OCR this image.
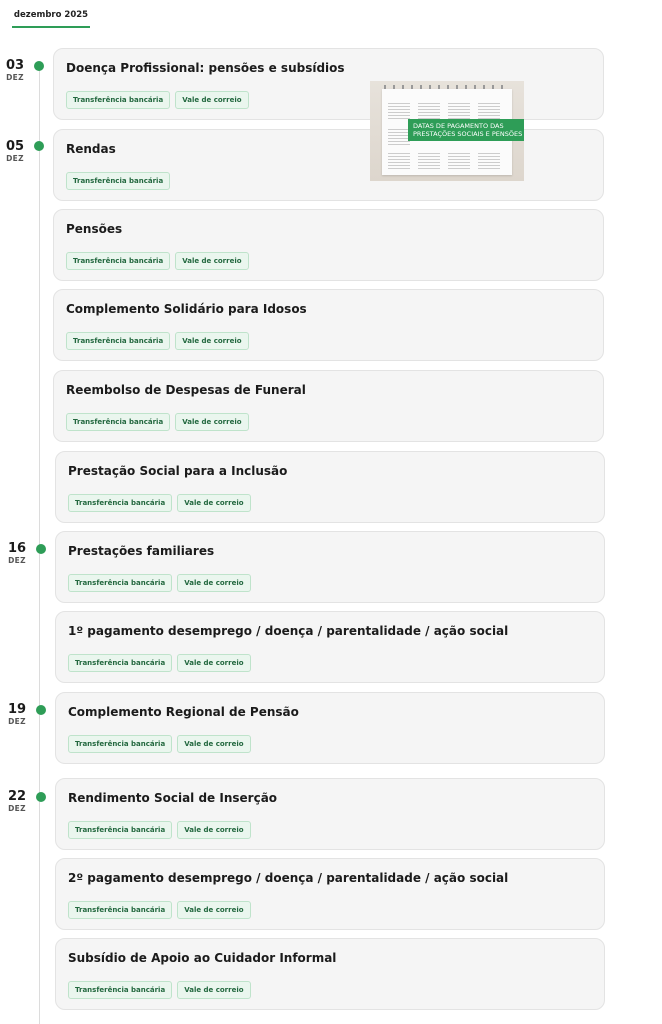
dezembro 2025
03
DEZ
05
DEZ
16
DEZ
19
DEZ
22
DEZ
Doença Profissional: pensões e subsídios
Transferência bancária	Vale de correio
Rendas
Transferência bancária
Pensões
Transferência bancária	Vale de correio
Complemento Solidário para Idosos
Transferência bancária	Vale de correio
Reembolso de Despesas de Funeral
Transferência bancária	Vale de correio
Prestação Social para a Inclusão
Transferência bancária	Vale de correio
Prestações familiares
Transferência bancária	Vale de correio
1º pagamento desemprego / doença / parentalidade / ação social
Transferência bancária	Vale de correio
Complemento Regional de Pensão
Transferência bancária	Vale de correio
Rendimento Social de Inserção
Transferência bancária	Vale de correio
2º pagamento desemprego / doença / parentalidade / ação social
Transferência bancária	Vale de correio
Subsídio de Apoio ao Cuidador Informal
Transferência bancária	Vale de correio
DATAS DE PAGAMENTO DAS
PRESTAÇÕES SOCIAIS E PENSÕES
